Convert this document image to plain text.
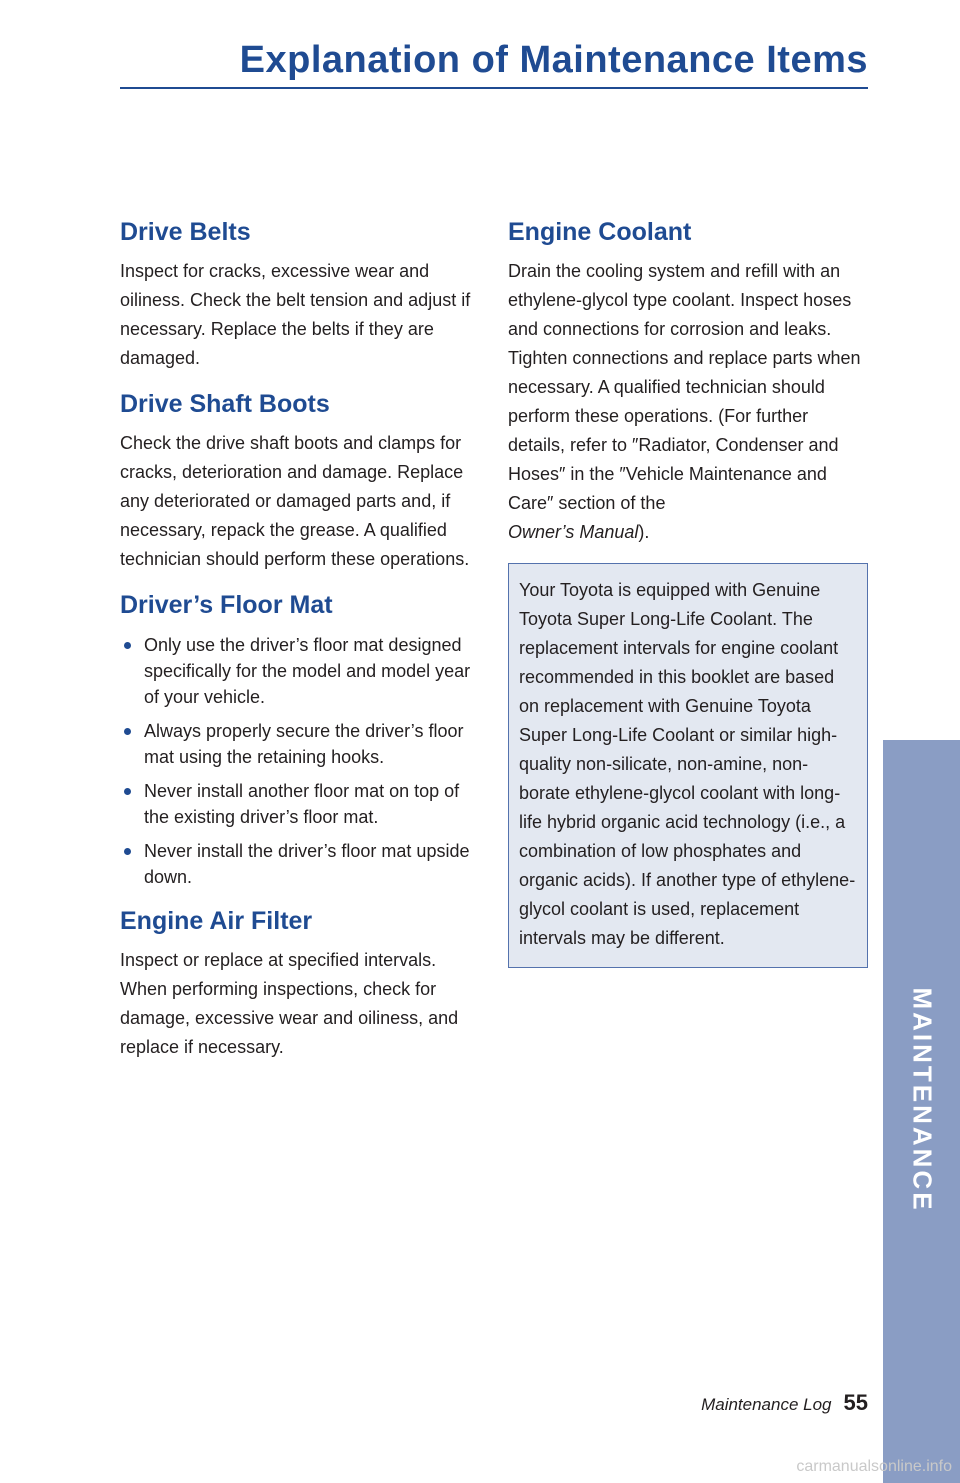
Explanation of Maintenance Items
Drive Belts

Inspect for cracks, excessive wear and oiliness. Check the belt tension and adjust if necessary. Replace the belts if they are damaged.

Drive Shaft Boots

Check the drive shaft boots and clamps for cracks, deterioration and damage. Replace any deteriorated or damaged parts and, if necessary, repack the grease. A qualified technician should perform these operations.

Driver’s Floor Mat
Only use the driver’s floor mat designed specifically for the model and model year of your vehicle.
Always properly secure the driver’s floor mat using the retaining hooks.
Never install another floor mat on top of the existing driver’s floor mat.
Never install the driver’s floor mat upside down.
Engine Air Filter

Inspect or replace at specified intervals. When performing inspections, check for damage, excessive wear and oiliness, and replace if necessary.

Engine Coolant

Drain the cooling system and refill with an ethylene-glycol type coolant. Inspect hoses and connections for corrosion and leaks. Tighten connections and replace parts when necessary. A qualified technician should perform these operations. (For further details, refer to ″Radiator, Condenser and Hoses″ in the ″Vehicle Maintenance and Care″ section of the
Owner’s Manual).

Your Toyota is equipped with Genuine Toyota Super Long-Life Coolant. The replacement intervals for engine coolant recommended in this booklet are based on replacement with Genuine Toyota Super Long-Life Coolant or similar high-quality non-silicate, non-amine, non-borate ethylene-glycol coolant with long-life hybrid organic acid technology (i.e., a combination of low phosphates and organic acids). If another type of ethylene-glycol coolant is used, replacement intervals may be different.

MAINTENANCE
Maintenance Log 55
carmanualsonline.info
